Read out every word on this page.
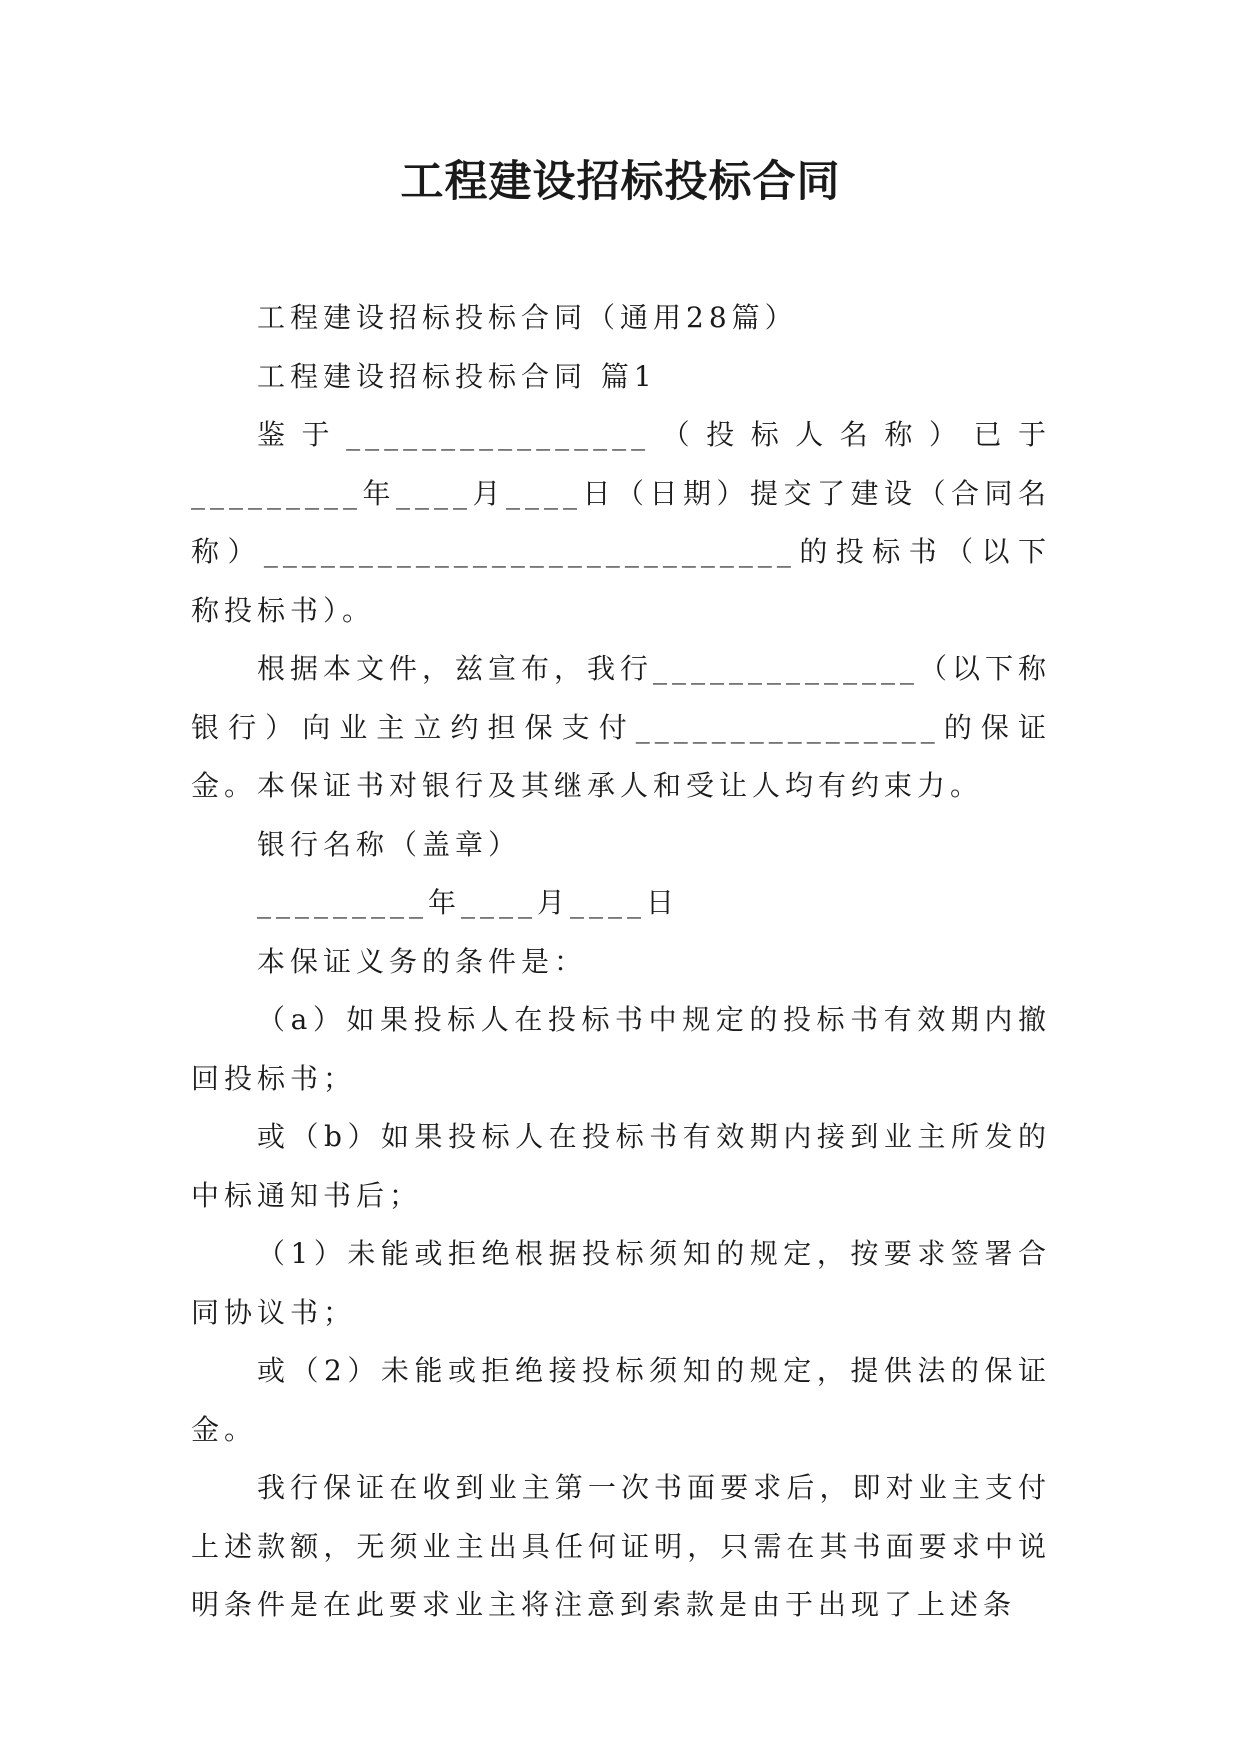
工程建设招标投标合同

工程建设招标投标合同（通用28篇）

工程建设招标投标合同 篇1

鉴于________________（投标人名称）已于_________年____月____日（日期）提交了建设（合同名称）____________________________的投标书（以下称投标书）。

根据本文件，兹宣布，我行______________（以下称银行）向业主立约担保支付________________的保证金。本保证书对银行及其继承人和受让人均有约束力。

银行名称（盖章）

_________年____月____日

本保证义务的条件是：

（a）如果投标人在投标书中规定的投标书有效期内撤回投标书；

或（b）如果投标人在投标书有效期内接到业主所发的中标通知书后；

（1）未能或拒绝根据投标须知的规定，按要求签署合同协议书；

或（2）未能或拒绝接投标须知的规定，提供法的保证金。

我行保证在收到业主第一次书面要求后，即对业主支付上述款额，无须业主出具任何证明，只需在其书面要求中说明条件是在此要求业主将注意到索款是由于出现了上述条
